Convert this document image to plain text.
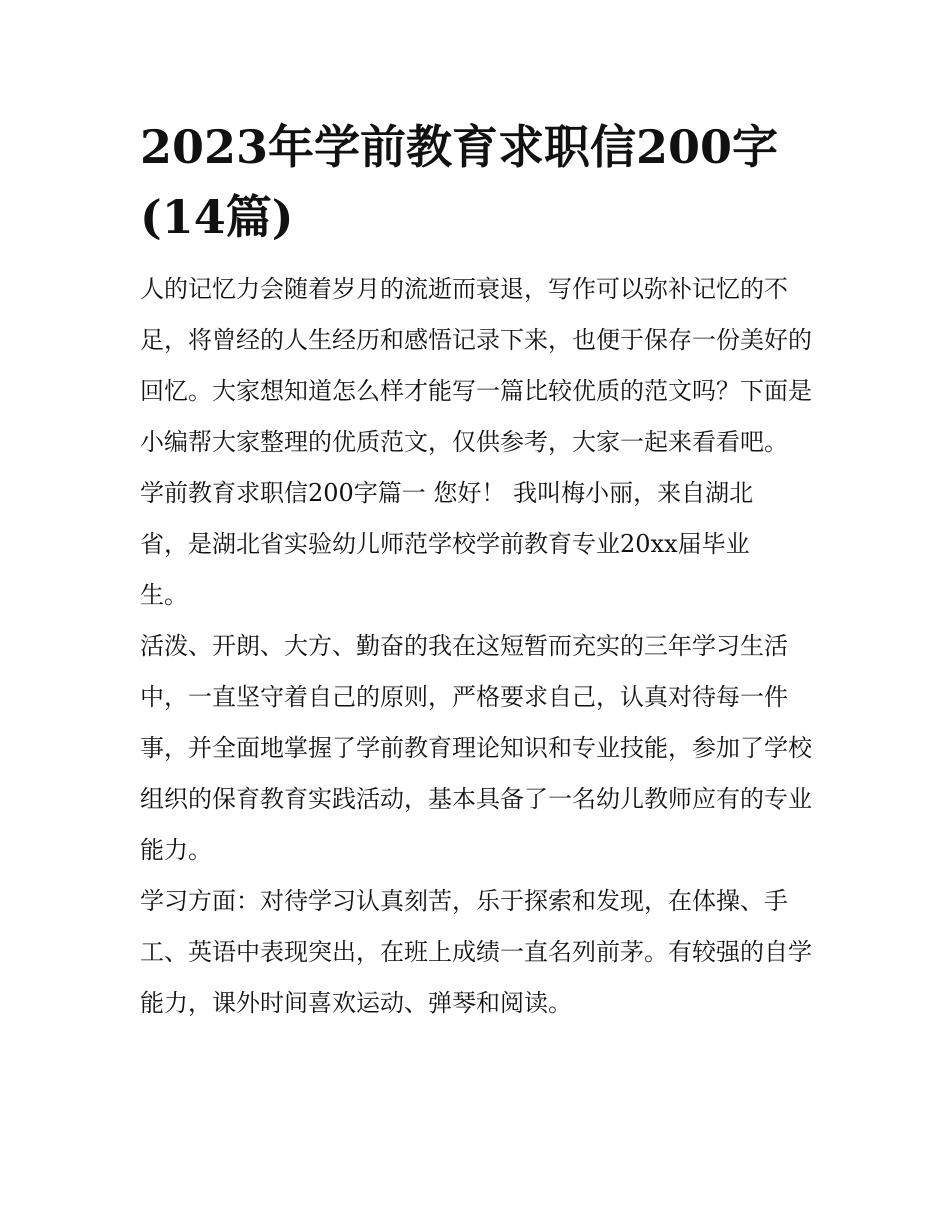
2023年学前教育求职信200字(14篇)

人的记忆力会随着岁月的流逝而衰退，写作可以弥补记忆的不足，将曾经的人生经历和感悟记录下来，也便于保存一份美好的回忆。大家想知道怎么样才能写一篇比较优质的范文吗？下面是小编帮大家整理的优质范文，仅供参考，大家一起来看看吧。

学前教育求职信200字篇一 您好！ 我叫梅小丽，来自湖北省，是湖北省实验幼儿师范学校学前教育专业20xx届毕业生。

活泼、开朗、大方、勤奋的我在这短暂而充实的三年学习生活中，一直坚守着自己的原则，严格要求自己，认真对待每一件事，并全面地掌握了学前教育理论知识和专业技能，参加了学校组织的保育教育实践活动，基本具备了一名幼儿教师应有的专业能力。

学习方面：对待学习认真刻苦，乐于探索和发现，在体操、手工、英语中表现突出，在班上成绩一直名列前茅。有较强的自学能力，课外时间喜欢运动、弹琴和阅读。
